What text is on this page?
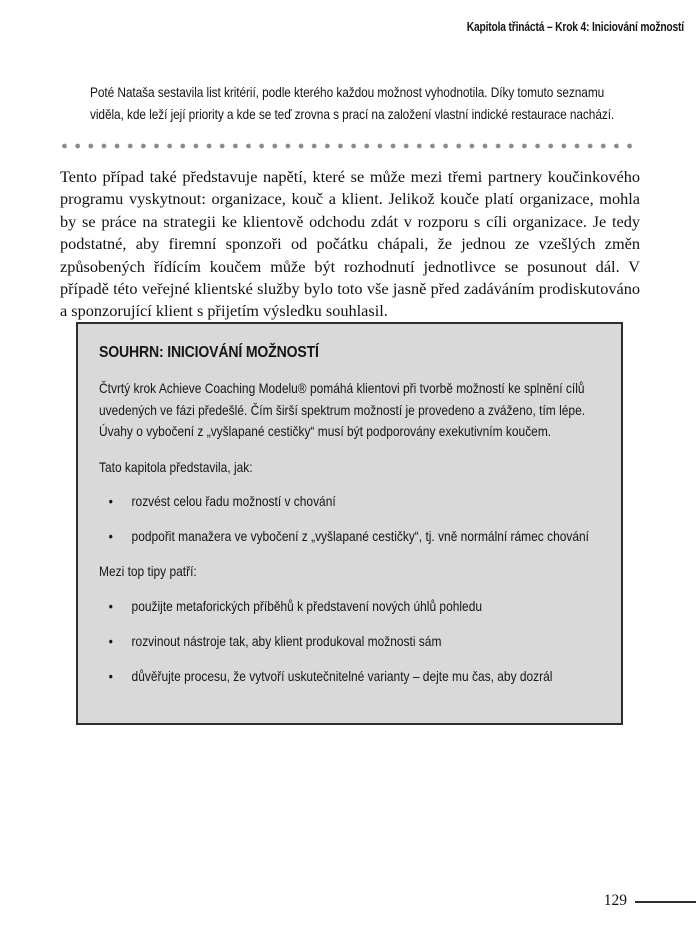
Kapitola třináctá – Krok 4: Iniciování možností
Poté Nataša sestavila list kritérií, podle kterého každou možnost vyhodnotila. Díky tomuto seznamu viděla, kde leží její priority a kde se teď zrovna s prací na založení vlastní indické restaurace nachází.
Tento případ také představuje napětí, které se může mezi třemi partnery koučinkového programu vyskytnout: organizace, kouč a klient. Jelikož kouče platí organizace, mohla by se práce na strategii ke klientově odchodu zdát v rozporu s cíli organizace. Je tedy podstatné, aby firemní sponzoři od počátku chápali, že jednou ze vzešlých změn způsobených řídícím koučem může být rozhodnutí jednotlivce se posunout dál. V případě této veřejné klientské služby bylo toto vše jasně před zadáváním prodiskutováno a sponzorující klient s přijetím výsledku souhlasil.
SOUHRN: INICIOVÁNÍ MOŽNOSTÍ

Čtvrtý krok Achieve Coaching Modelu® pomáhá klientovi při tvorbě možností ke splnění cílů uvedených ve fázi předešlé. Čím širší spektrum možností je provedeno a zváženo, tím lépe. Úvahy o vybočení z „vyšlapané cestičky“ musí být podporovány exekutivním koučem.

Tato kapitola představila, jak:

• rozvést celou řadu možností v chování
• podpořit manažera ve vybočení z „vyšlapané cestičky“, tj. vně normální rámec chování

Mezi top tipy patří:

• použijte metaforických příběhů k představení nových úhlů pohledu
• rozvinout nástroje tak, aby klient produkoval možnosti sám
• důvěřujte procesu, že vytvoří uskutečnitelné varianty – dejte mu čas, aby dozrál
129
